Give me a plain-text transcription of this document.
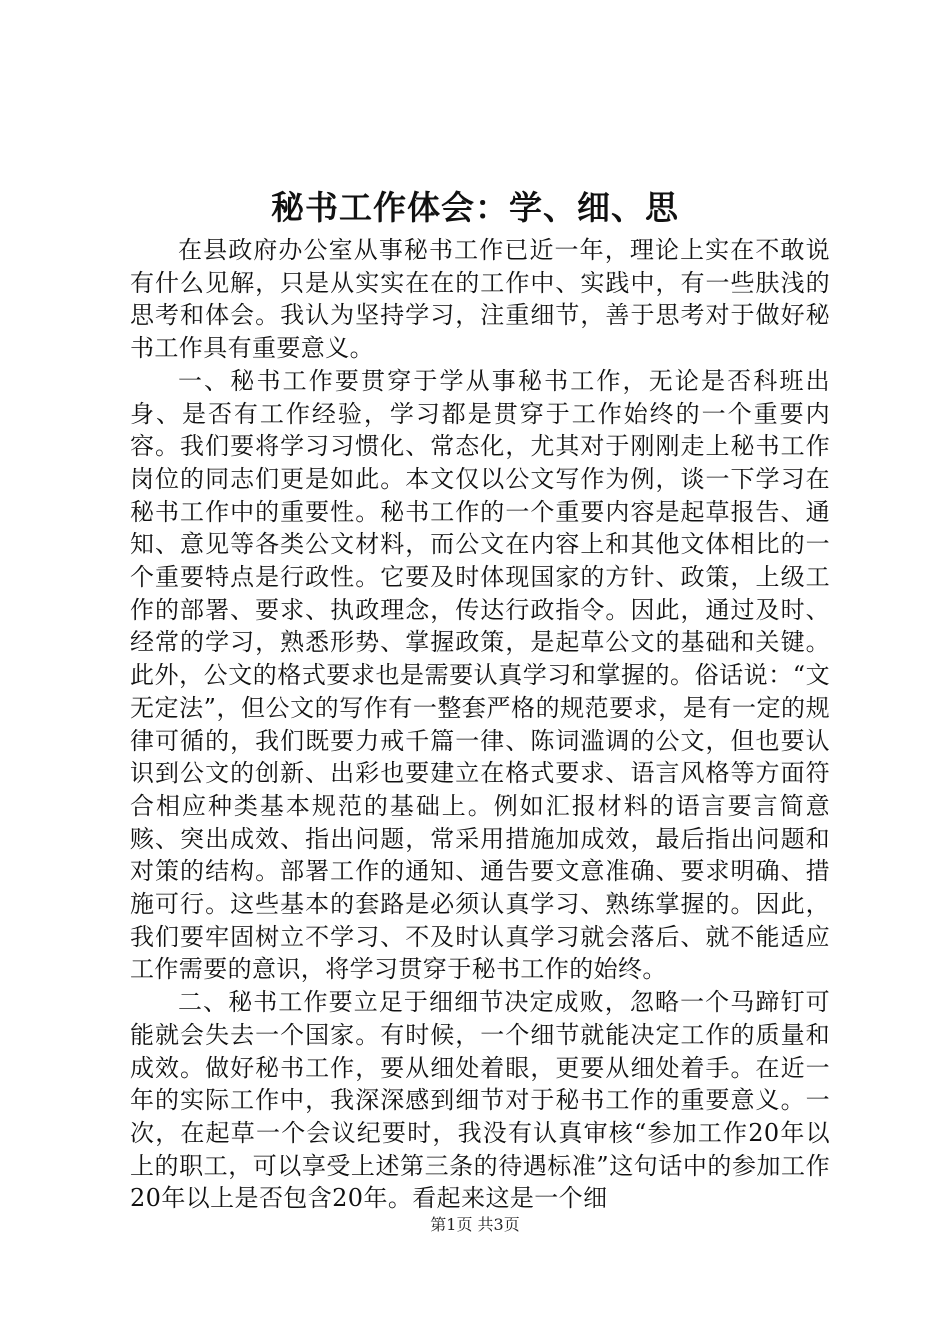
秘书工作体会：学、细、思

在县政府办公室从事秘书工作已近一年，理论上实在不敢说有什么见解，只是从实实在在的工作中、实践中，有一些肤浅的思考和体会。我认为坚持学习，注重细节，善于思考对于做好秘书工作具有重要意义。

一、秘书工作要贯穿于学从事秘书工作，无论是否科班出身、是否有工作经验，学习都是贯穿于工作始终的一个重要内容。我们要将学习习惯化、常态化，尤其对于刚刚走上秘书工作岗位的同志们更是如此。本文仅以公文写作为例，谈一下学习在秘书工作中的重要性。秘书工作的一个重要内容是起草报告、通知、意见等各类公文材料，而公文在内容上和其他文体相比的一个重要特点是行政性。它要及时体现国家的方针、政策，上级工作的部署、要求、执政理念，传达行政指令。因此，通过及时、经常的学习，熟悉形势、掌握政策，是起草公文的基础和关键。此外，公文的格式要求也是需要认真学习和掌握的。俗话说：“文无定法”，但公文的写作有一整套严格的规范要求，是有一定的规律可循的，我们既要力戒千篇一律、陈词滥调的公文，但也要认识到公文的创新、出彩也要建立在格式要求、语言风格等方面符合相应种类基本规范的基础上。例如汇报材料的语言要言简意赅、突出成效、指出问题，常采用措施加成效，最后指出问题和对策的结构。部署工作的通知、通告要文意准确、要求明确、措施可行。这些基本的套路是必须认真学习、熟练掌握的。因此，我们要牢固树立不学习、不及时认真学习就会落后、就不能适应工作需要的意识，将学习贯穿于秘书工作的始终。

二、秘书工作要立足于细细节决定成败，忽略一个马蹄钉可能就会失去一个国家。有时候，一个细节就能决定工作的质量和成效。做好秘书工作，要从细处着眼，更要从细处着手。在近一年的实际工作中，我深深感到细节对于秘书工作的重要意义。一次，在起草一个会议纪要时，我没有认真审核“参加工作20年以上的职工，可以享受上述第三条的待遇标准”这句话中的参加工作20年以上是否包含20年。看起来这是一个细

第1页 共3页
